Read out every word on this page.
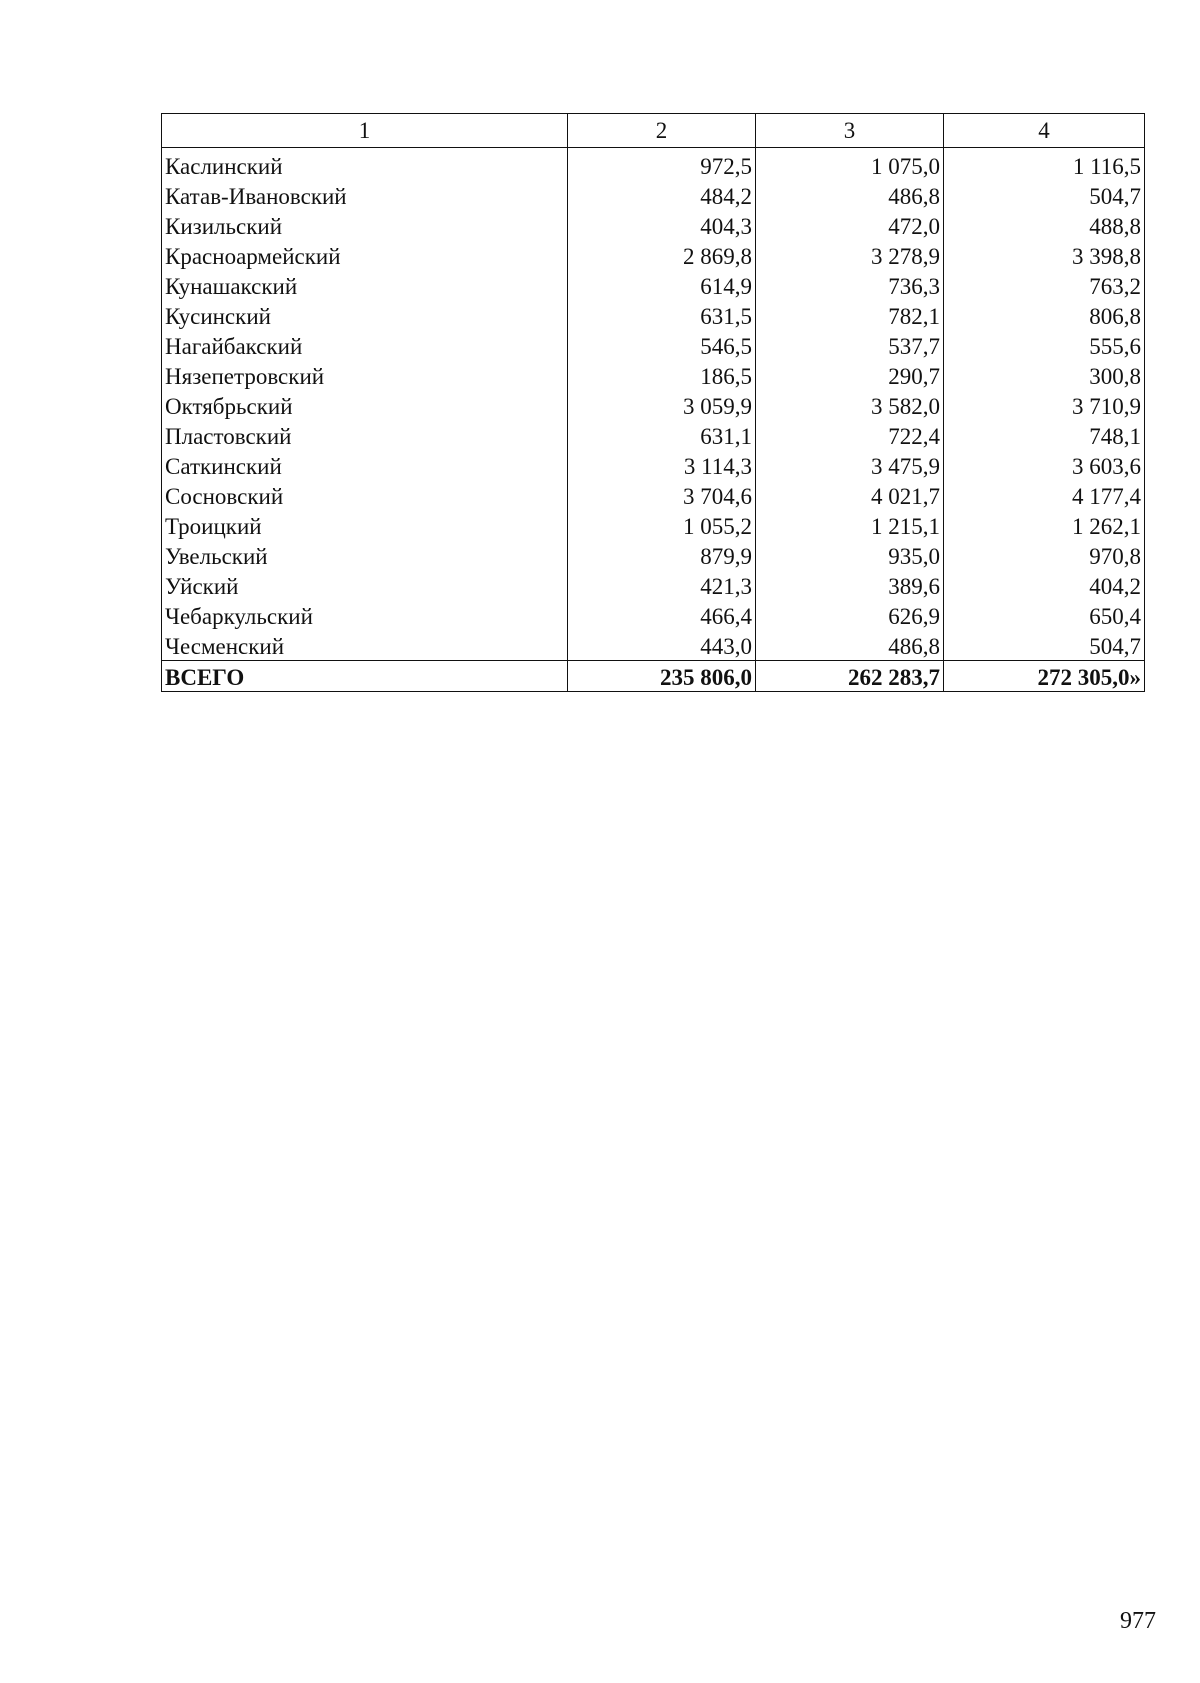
1	2	3	4
Каслинский	972,5	1 075,0	1 116,5
Катав-Ивановский	484,2	486,8	504,7
Кизильский	404,3	472,0	488,8
Красноармейский	2 869,8	3 278,9	3 398,8
Кунашакский	614,9	736,3	763,2
Кусинский	631,5	782,1	806,8
Нагайбакский	546,5	537,7	555,6
Нязепетровский	186,5	290,7	300,8
Октябрьский	3 059,9	3 582,0	3 710,9
Пластовский	631,1	722,4	748,1
Саткинский	3 114,3	3 475,9	3 603,6
Сосновский	3 704,6	4 021,7	4 177,4
Троицкий	1 055,2	1 215,1	1 262,1
Увельский	879,9	935,0	970,8
Уйский	421,3	389,6	404,2
Чебаркульский	466,4	626,9	650,4
Чесменский	443,0	486,8	504,7
ВСЕГО	235 806,0	262 283,7	272 305,0»
977
